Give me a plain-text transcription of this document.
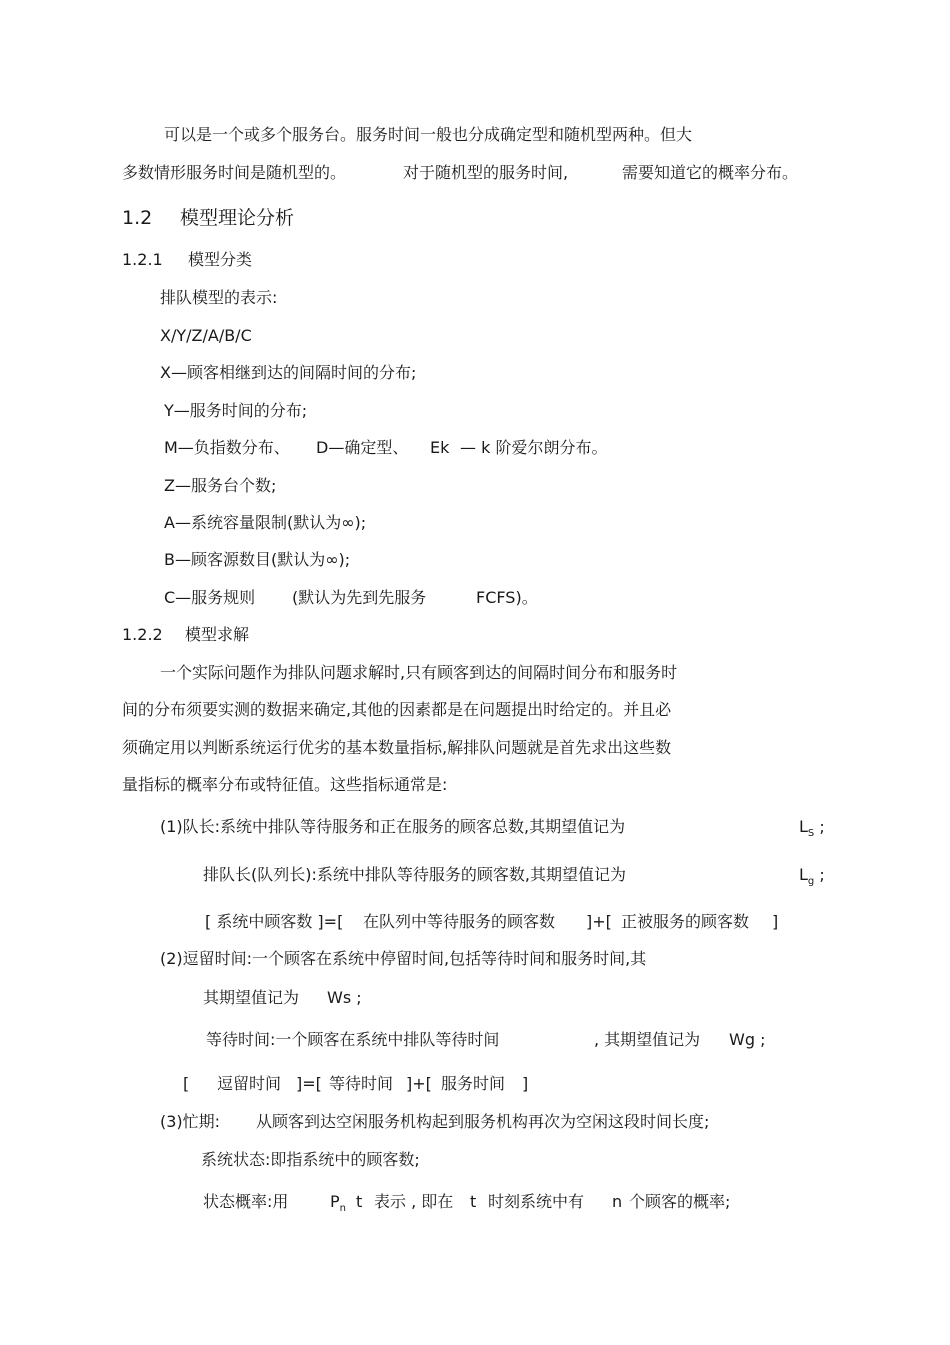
可以是一个或多个服务台。服务时间一般也分成确定型和随机型两种。但大
多数情形服务时间是随机型的。	对于随机型的服务时间,	需要知道它的概率分布。
1.2 模型理论分析
1.2.1 模型分类
排队模型的表示:
X/Y/Z/A/B/C
X—顾客相继到达的间隔时间的分布;
Y—服务时间的分布;
M—负指数分布、 D—确定型、 Ek — k 阶爱尔朗分布。
Z—服务台个数;
A—系统容量限制(默认为∞);
B—顾客源数目(默认为∞);
C—服务规则 (默认为先到先服务	FCFS)。
1.2.2 模型求解
一个实际问题作为排队问题求解时,只有顾客到达的间隔时间分布和服务时
间的分布须要实测的数据来确定,其他的因素都是在问题提出时给定的。并且必
须确定用以判断系统运行优劣的基本数量指标,解排队问题就是首先求出这些数
量指标的概率分布或特征值。这些指标通常是:
(1)队长:系统中排队等待服务和正在服务的顾客总数,其期望值记为	$L_S$ ;
排队长(队列长):系统中排队等待服务的顾客数,其期望值记为	$L_g$ ;
[ 系统中顾客数 ]=[ 在队列中等待服务的顾客数 ]+[ 正被服务的顾客数 ]
(2)逗留时间:一个顾客在系统中停留时间,包括等待时间和服务时间,其
其期望值记为 Ws ;
等待时间:一个顾客在系统中排队等待时间	, 其期望值记为 Wg ;
[ 逗留时间 ]=[ 等待时间 ]+[ 服务时间 ]
(3)忙期: 从顾客到达空闲服务机构起到服务机构再次为空闲这段时间长度;
系统状态:即指系统中的顾客数;
状态概率:用	$P_n$ t 表示 , 即在 t 时刻系统中有 n 个顾客的概率;
